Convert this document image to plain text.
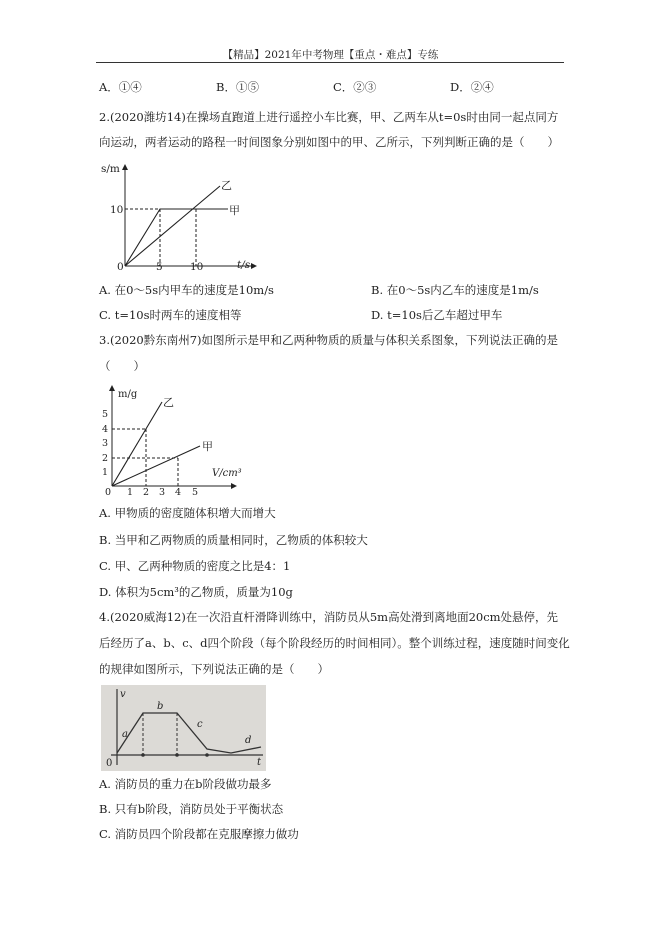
【精品】2021年中考物理【重点・难点】专练
A．①④	B．①⑤	C．②③	D．②④
2.(2020潍坊14)在操场直跑道上进行遥控小车比赛，甲、乙两车从t=0s时由同一起点同方
向运动，两者运动的路程一时间图象分别如图中的甲、乙所示，下列判断正确的是（　　）
s/m
t/s
0	5	10
10	甲
乙
A. 在0～5s内甲车的速度是10m/s	B. 在0～5s内乙车的速度是1m/s
C. t=10s时两车的速度相等	D. t=10s后乙车超过甲车
3.(2020黔东南州7)如图所示是甲和乙两种物质的质量与体积关系图象，下列说法正确的是
（　　）
m/g
V/cm³
0 1 2 3 4 5
1
2
3
4
5
乙
甲
A. 甲物质的密度随体积增大而增大
B. 当甲和乙两物质的质量相同时，乙物质的体积较大
C. 甲、乙两种物质的密度之比是4：1
D. 体积为5cm³的乙物质，质量为10g
4.(2020威海12)在一次沿直杆滑降训练中，消防员从5m高处滑到离地面20cm处悬停，先
后经历了a、b、c、d四个阶段（每个阶段经历的时间相同）。整个训练过程，速度随时间变化
的规律如图所示，下列说法正确的是（　　）
v
t
0
a
b
c
d
A. 消防员的重力在b阶段做功最多
B. 只有b阶段，消防员处于平衡状态
C. 消防员四个阶段都在克服摩擦力做功
